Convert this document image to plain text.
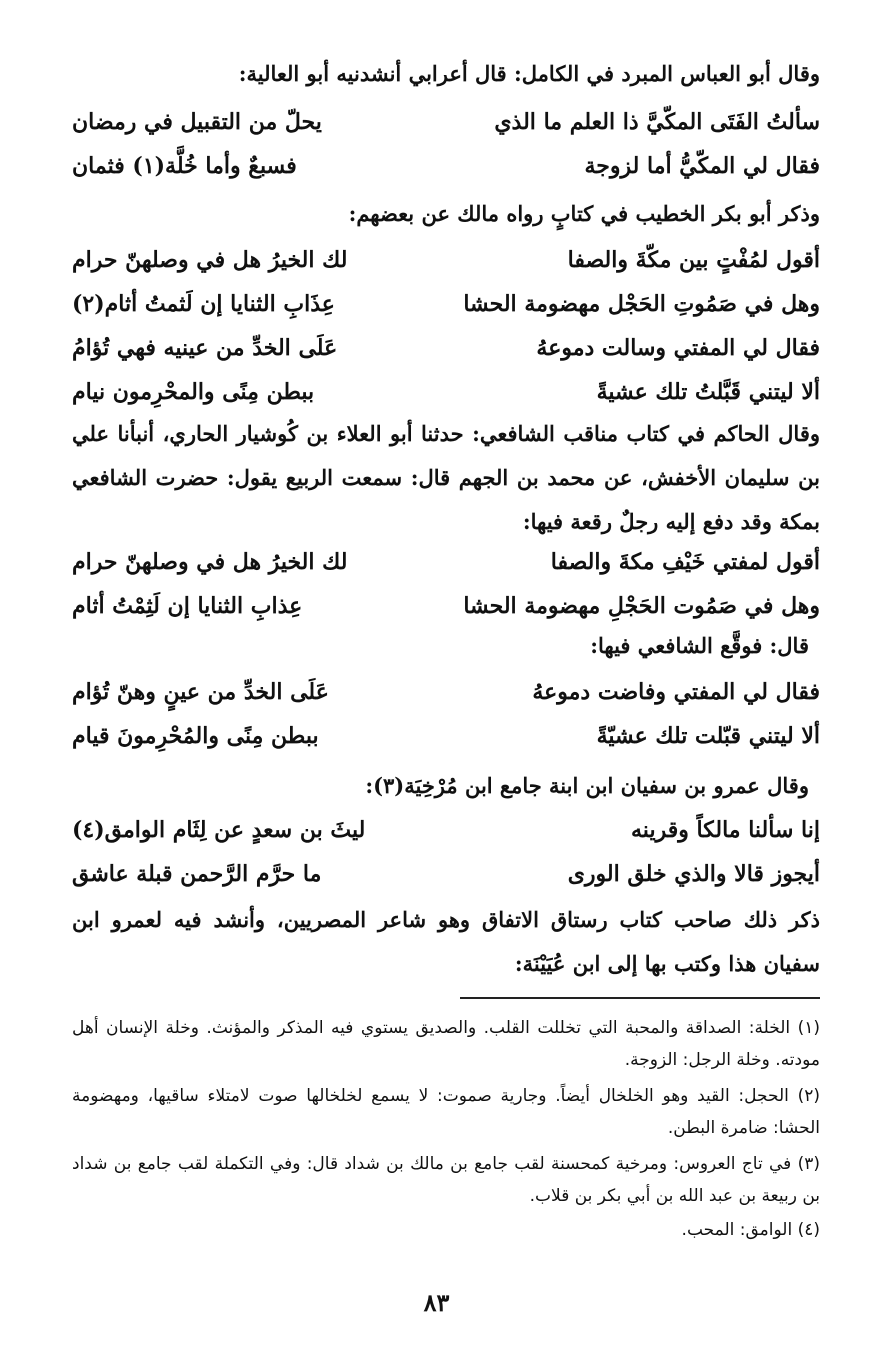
وقال أبو العباس المبرد في الكامل: قال أعرابي أنشدنيه أبو العالية:
سألتُ الفَتَى المكّيَّ ذا العلم ما الذي
يحلّ من التقبيل في رمضان
فقال لي المكّيُّ أما لزوجة
فسبعٌ وأما خُلَّة(١) فثمان
وذكر أبو بكر الخطيب في كتابٍ رواه مالك عن بعضهم:
أقول لمُفْتٍ بين مكّةَ والصفا
لك الخيرُ هل في وصلهنّ حرام
وهل في صَمُوتِ الحَجْل مهضومة الحشا
عِذَابِ الثنايا إن لَثمتُ أثام(٢)
فقال لي المفتي وسالت دموعهُ
عَلَى الخدِّ من عينيه فهي تُؤامُ
ألا ليتني قَبَّلتُ تلك عشيةً
ببطن مِنًى والمحْرِمون نيام
وقال الحاكم في كتاب مناقب الشافعي: حدثنا أبو العلاء بن كُوشيار الحاري، أنبأنا علي بن سليمان الأخفش، عن محمد بن الجهم قال: سمعت الربيع يقول: حضرت الشافعي بمكة وقد دفع إليه رجلٌ رقعة فيها:
أقول لمفتي خَيْفِ مكةَ والصفا
لك الخيرُ هل في وصلهنّ حرام
وهل في صَمُوت الحَجْلِ مهضومة الحشا
عِذابِ الثنايا إن لَثِمْتُ أثام
قال: فوقَّع الشافعي فيها:
فقال لي المفتي وفاضت دموعهُ
عَلَى الخدِّ من عينٍ وهنّ تُؤام
ألا ليتني قبّلت تلك عشيّةً
ببطن مِنًى والمُحْرِمونَ قيام
وقال عمرو بن سفيان ابن ابنة جامع ابن مُرْخِيَة(٣):
إنا سألنا مالكاً وقرينه
ليثَ بن سعدٍ عن لِثَام الوامق(٤)
أيجوز قالا والذي خلق الورى
ما حرَّم الرَّحمن قبلة عاشق
ذكر ذلك صاحب كتاب رستاق الاتفاق وهو شاعر المصريين، وأنشد فيه لعمرو ابن سفيان هذا وكتب بها إلى ابن عُيَيْنَة:
(١) الخلة: الصداقة والمحبة التي تخللت القلب. والصديق يستوي فيه المذكر والمؤنث. وخلة الإنسان أهل مودته. وخلة الرجل: الزوجة.
(٢) الحجل: القيد وهو الخلخال أيضاً. وجارية صموت: لا يسمع لخلخالها صوت لامتلاء ساقيها، ومهضومة الحشا: ضامرة البطن.
(٣) في تاج العروس: ومرخية كمحسنة لقب جامع بن مالك بن شداد قال: وفي التكملة لقب جامع بن شداد بن ربيعة بن عبد الله بن أبي بكر بن قلاب.
(٤) الوامق: المحب.
٨٣
